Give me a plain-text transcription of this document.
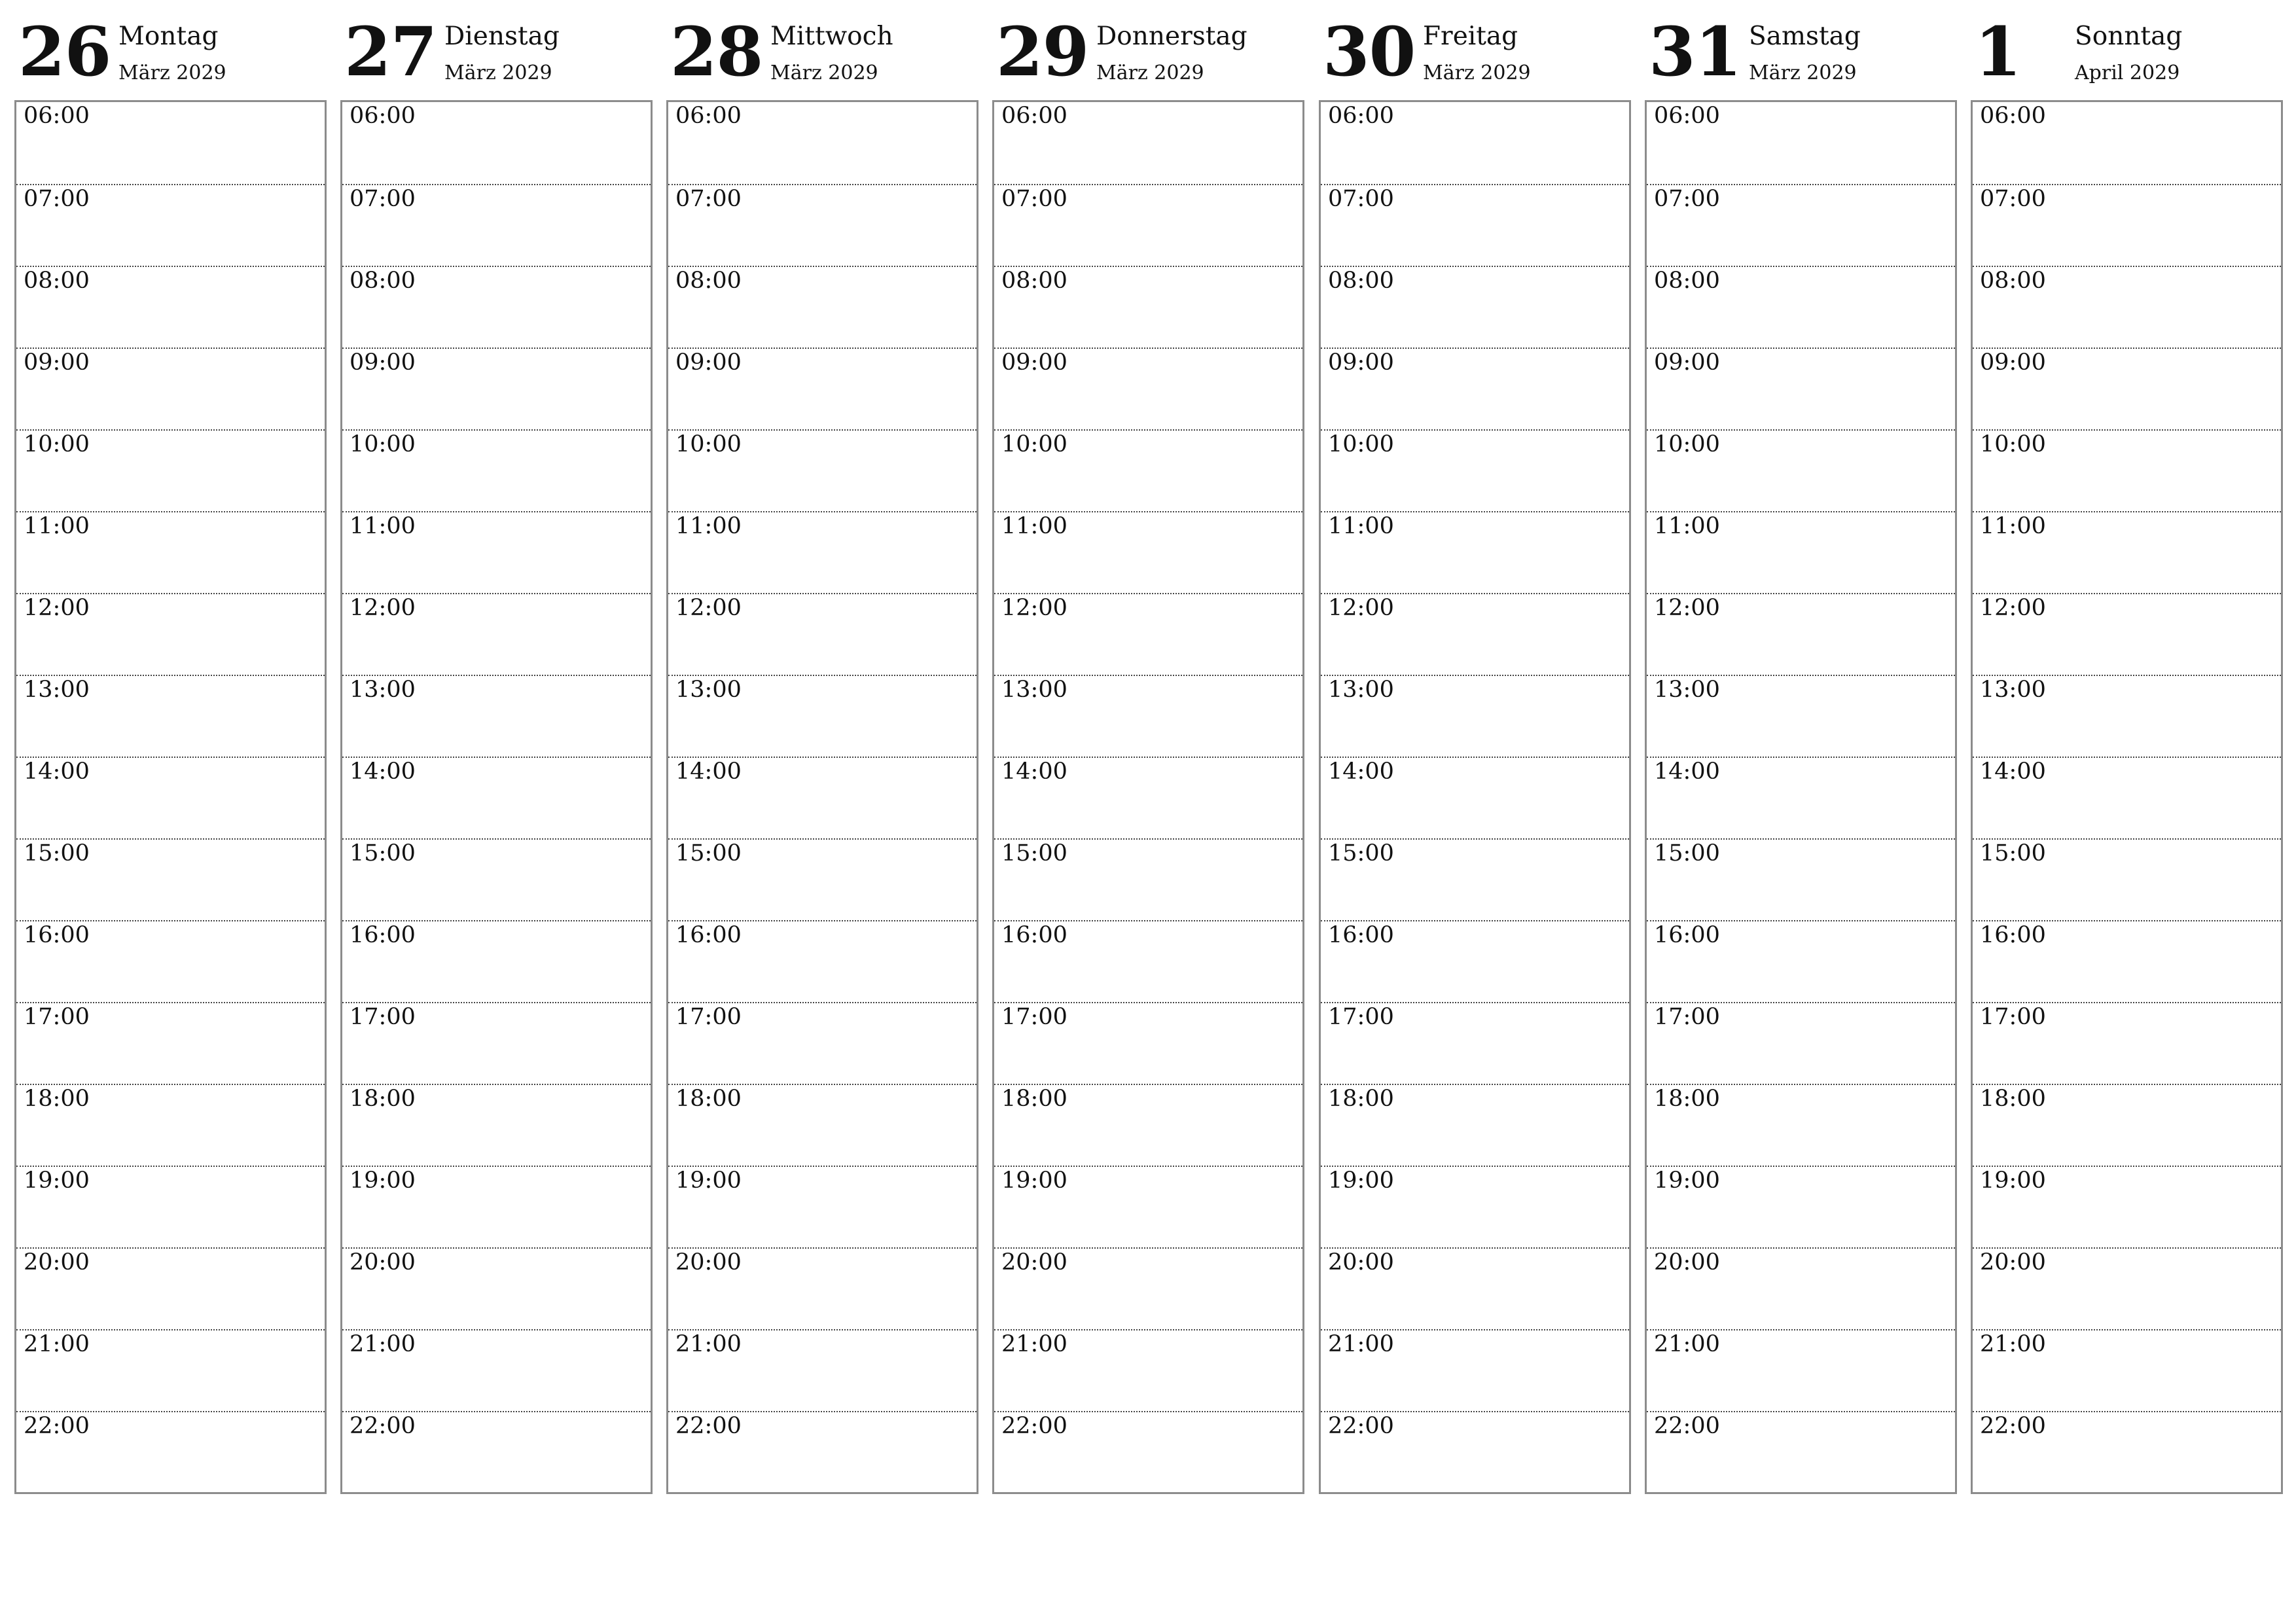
26 Montag
März 2029
06:00
07:00
08:00
09:00
10:00
11:00
12:00
13:00
14:00
15:00
16:00
17:00
18:00
19:00
20:00
21:00
22:00
27 Dienstag
März 2029
06:00
07:00
08:00
09:00
10:00
11:00
12:00
13:00
14:00
15:00
16:00
17:00
18:00
19:00
20:00
21:00
22:00
28 Mittwoch
März 2029
06:00
07:00
08:00
09:00
10:00
11:00
12:00
13:00
14:00
15:00
16:00
17:00
18:00
19:00
20:00
21:00
22:00
29 Donnerstag
März 2029
06:00
07:00
08:00
09:00
10:00
11:00
12:00
13:00
14:00
15:00
16:00
17:00
18:00
19:00
20:00
21:00
22:00
30 Freitag
März 2029
06:00
07:00
08:00
09:00
10:00
11:00
12:00
13:00
14:00
15:00
16:00
17:00
18:00
19:00
20:00
21:00
22:00
31 Samstag
März 2029
06:00
07:00
08:00
09:00
10:00
11:00
12:00
13:00
14:00
15:00
16:00
17:00
18:00
19:00
20:00
21:00
22:00
1 Sonntag
April 2029
06:00
07:00
08:00
09:00
10:00
11:00
12:00
13:00
14:00
15:00
16:00
17:00
18:00
19:00
20:00
21:00
22:00
